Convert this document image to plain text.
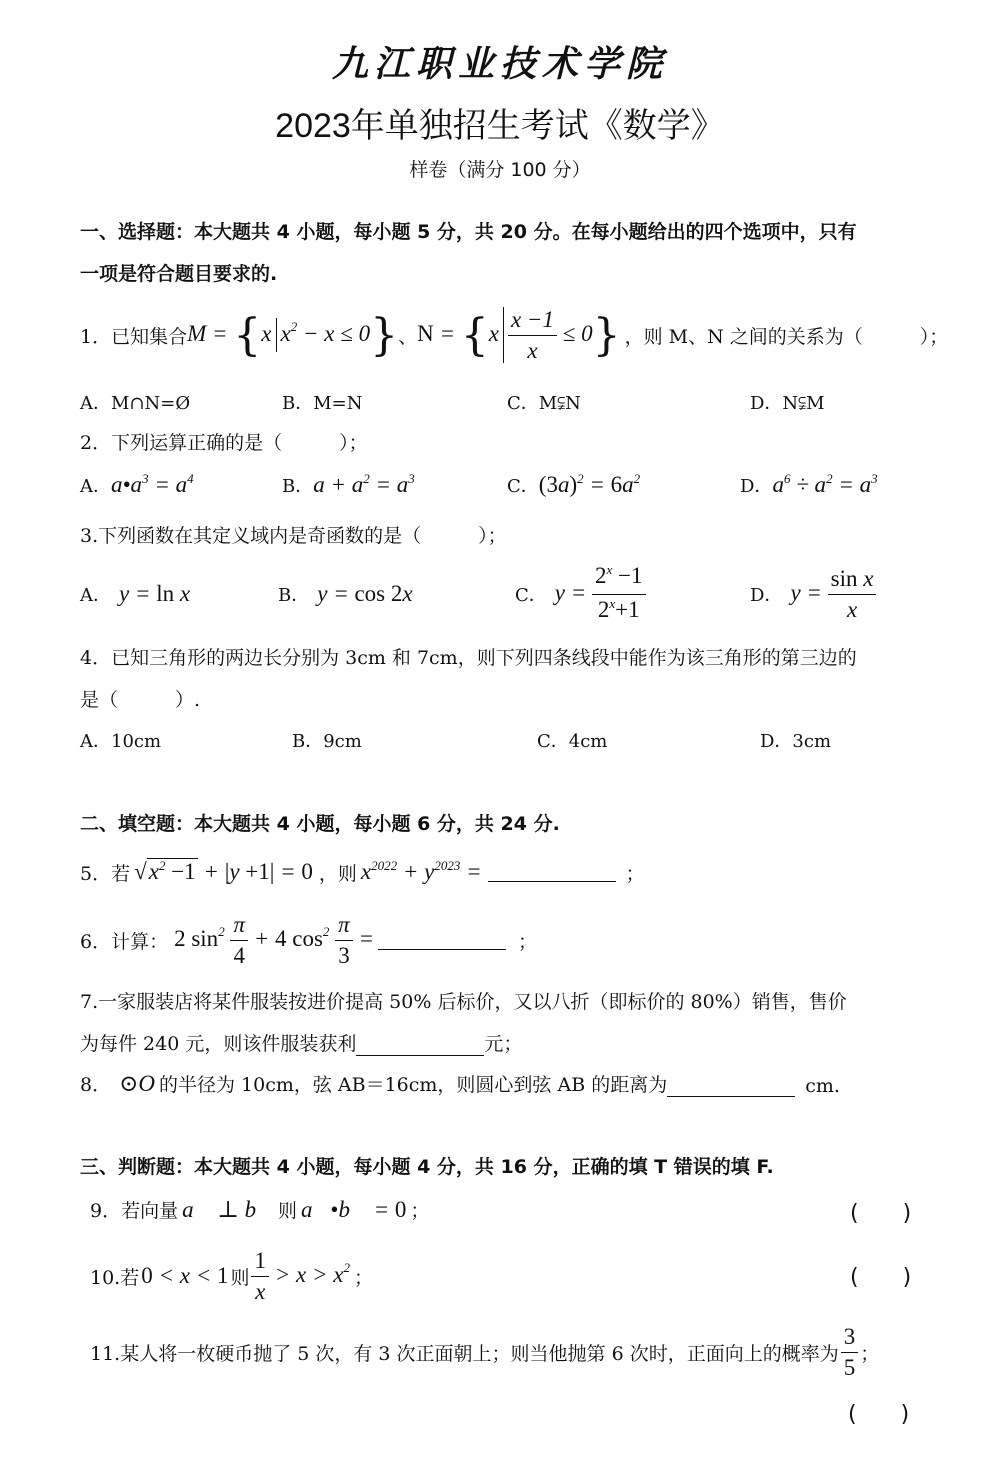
九江职业技术学院
2023年单独招生考试《数学》
样卷（满分 100 分）
一、选择题：本大题共 4 小题，每小题 5 分，共 20 分。在每小题给出的四个选项中，只有
一项是符合题目要求的.
1．已知集合 M = {x $x^2 - x \le 0$} 、 $N = \{x \frac{x -1}{x} \le 0\}$ ，则 M、N 之间的关系为（　　　）；
A．M∩N=Ø	B．M=N	C．M⫋N	D．N⫋M
2．下列运算正确的是（　　　）；
A．$a•a^3 = a^4$	B．$a + a^2 = a^3$	C．$(3a)^2 = 6a^2$	D．$a^6 \div a^2 = a^3$
3.下列函数在其定义域内是奇函数的是（　　　）；
A． y = ln x	B． y = cos 2x	C． $y = \frac{2^x -1}{2^x+1}$	D． $y = \frac{\text{sin x}}{x}$
4．已知三角形的两边长分别为 3cm 和 7cm，则下列四条线段中能作为该三角形的第三边的
是（　　　）.
A．10cm	B．9cm	C．4cm	D．3cm
二、填空题：本大题共 4 小题，每小题 6 分，共 24 分.
5．若 $√x^2 -1 + |y +1| = 0$ ，则 $x^{2022} + y^{2023}$ =	；
6．计算： 2 $\sin^2 \frac{\pi}{4} + 4$ $\cos^2 \frac{\pi}{3}$ =	；
7.一家服装店将某件服装按进价提高 50% 后标价，又以八折（即标价的 80%）销售，售价
为每件 240 元，则该件服装获利	元；
8． ⊙O 的半径为 10cm，弦 AB＝16cm，则圆心到弦 AB 的距离为	cm.
三、判断题：本大题共 4 小题，每小题 4 分，共 16 分，正确的填 T 错误的填 F.
9．若向量 a⃗ ⊥ b⃗ 则 a⃗•b⃗ = 0 ；	(　　)
10.若 0 < x < 1 则 $\frac{1}{x} > x > x^2$ ；	(　　)
11.某人将一枚硬币抛了 5 次，有 3 次正面朝上；则当他抛第 6 次时，正面向上的概率为 $\frac{3}{5}$ ；
(　　)
